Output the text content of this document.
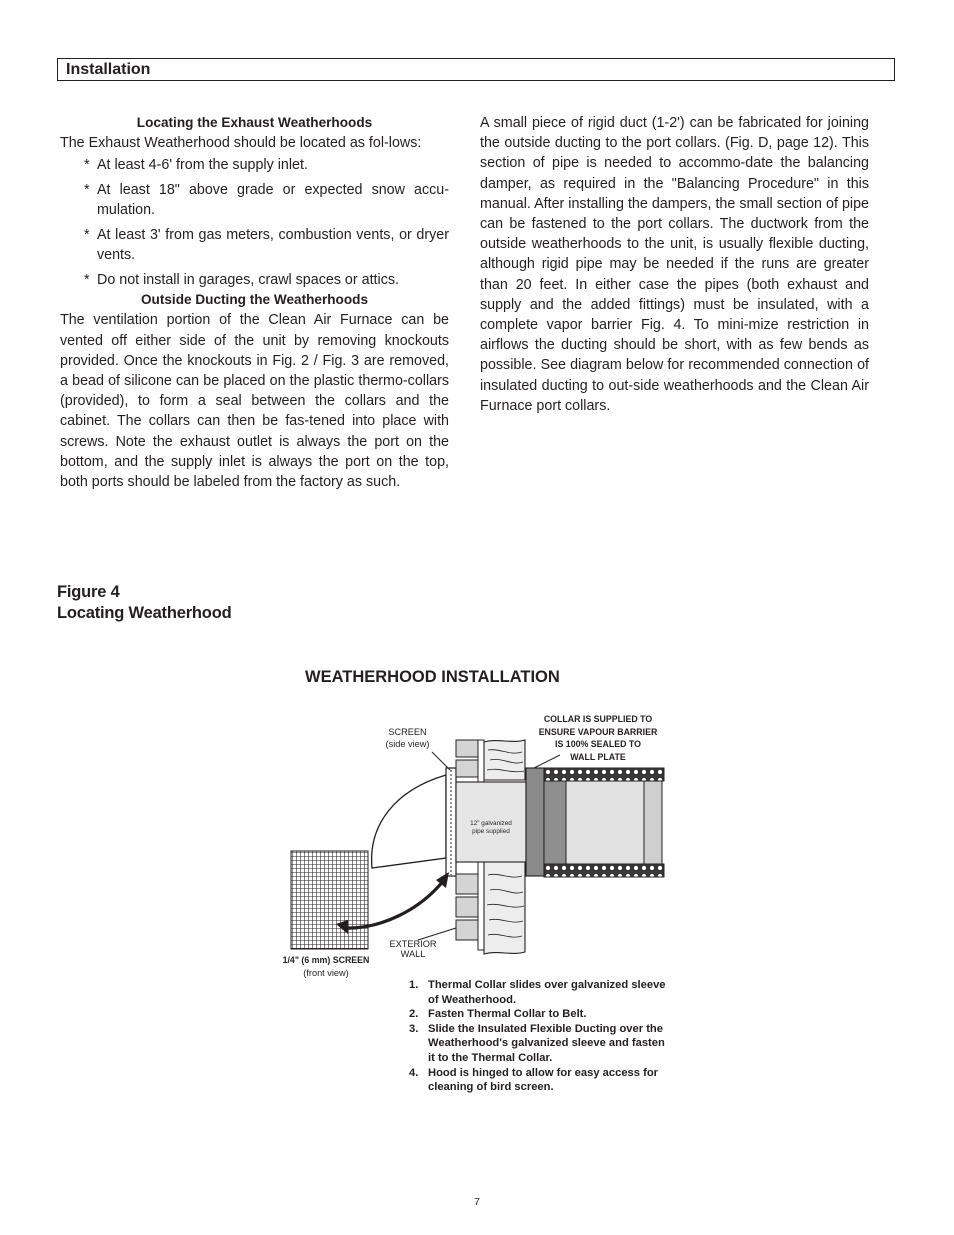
Installation
Locating the Exhaust Weatherhoods
The Exhaust Weatherhood should be located as fol-lows:
* At least 4-6' from the supply inlet.
* At least 18" above grade or expected snow accu-mulation.
* At least 3' from gas meters, combustion vents, or dryer vents.
* Do not install in garages, crawl spaces or attics.
Outside Ducting the Weatherhoods
The ventilation portion of the Clean Air Furnace can be vented off either side of the unit by removing knockouts provided. Once the knockouts in Fig. 2 / Fig. 3 are removed, a bead of silicone can be placed on the plastic thermo-collars (provided), to form a seal between the collars and the cabinet. The collars can then be fas-tened into place with screws. Note the exhaust outlet is always the port on the bottom, and the supply inlet is always the port on the top, both ports should be labeled from the factory as such.
A small piece of rigid duct (1-2') can be fabricated for joining the outside ducting to the port collars. (Fig. D, page 12). This section of pipe is needed to accommo-date the balancing damper, as required in the "Balancing Procedure" in this manual. After installing the dampers, the small section of pipe can be fastened to the port collars. The ductwork from the outside weatherhoods to the unit, is usually flexible ducting, although rigid pipe may be needed if the runs are greater than 20 feet. In either case the pipes (both exhaust and supply and the added fittings) must be insulated, with a complete vapor barrier Fig. 4. To mini-mize restriction in airflows the ducting should be short, with as few bends as possible. See diagram below for recommended connection of insulated ducting to out-side weatherhoods and the Clean Air Furnace port collars.
Figure 4
Locating Weatherhood
WEATHERHOOD INSTALLATION
SCREEN
(side view)
COLLAR IS SUPPLIED TO
ENSURE VAPOUR BARRIER
IS 100% SEALED TO
WALL PLATE
12" galvanized
pipe supplied
EXTERIOR
WALL
1/4" (6 mm) SCREEN
(front view)
1. Thermal Collar slides over galvanized sleeve of Weatherhood.
2. Fasten Thermal Collar to Belt.
3. Slide the Insulated Flexible Ducting over the Weatherhood's galvanized sleeve and fasten it to the Thermal Collar.
4. Hood is hinged to allow for easy access for cleaning of bird screen.
7
